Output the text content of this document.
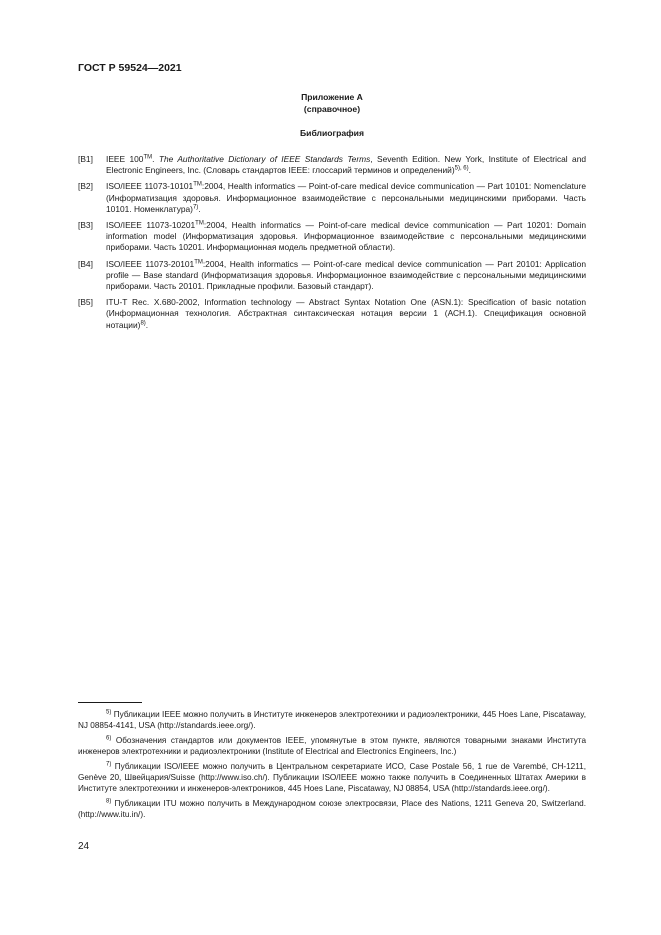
ГОСТ Р 59524—2021
Приложение А
(справочное)
Библиография
[B1]	IEEE 100™. The Authoritative Dictionary of IEEE Standards Terms, Seventh Edition. New York, Institute of Electrical and Electronic Engineers, Inc. (Словарь стандартов IEEE: глоссарий терминов и определений)$^{5), 6)}$.
[B2]	ISO/IEEE 11073-10101™:2004, Health informatics — Point-of-care medical device communication — Part 10101: Nomenclature (Информатизация здоровья. Информационное взаимодействие с персональными медицинскими приборами. Часть 10101. Номенклатура)$^{7)}$.
[B3]	ISO/IEEE 11073-10201™:2004, Health informatics — Point-of-care medical device communication — Part 10201: Domain information model (Информатизация здоровья. Информационное взаимодействие с персональными медицинскими приборами. Часть 10201. Информационная модель предметной области).
[B4]	ISO/IEEE 11073-20101™:2004, Health informatics — Point-of-care medical device communication — Part 20101: Application profile — Base standard (Информатизация здоровья. Информационное взаимодействие с персональными медицинскими приборами. Часть 20101. Прикладные профили. Базовый стандарт).
[B5]	ITU-T Rec. X.680-2002, Information technology — Abstract Syntax Notation One (ASN.1): Specification of basic notation (Информационная технология. Абстрактная синтаксическая нотация версии 1 (АСН.1). Спецификация основной нотации)$^{8)}$.
$^{5)}$ Публикации IEEE можно получить в Институте инженеров электротехники и радиоэлектроники, 445 Hoes Lane, Piscataway, NJ 08854-4141, USA (http://standards.ieee.org/).
$^{6)}$ Обозначения стандартов или документов IEEE, упомянутые в этом пункте, являются товарными знаками Института инженеров электротехники и радиоэлектроники (Institute of Electrical and Electronics Engineers, Inc.)
$^{7)}$ Публикации ISO/IEEE можно получить в Центральном секретариате ИСО, Case Postale 56, 1 rue de Varembé, CH-1211, Genève 20, Швейцария/Suisse (http://www.iso.ch/). Публикации ISO/IEEE можно также получить в Соединенных Штатах Америки в Институте электротехники и инженеров-электроников, 445 Hoes Lane, Piscataway, NJ 08854, USA (http://standards.ieee.org/).
$^{8)}$ Публикации ITU можно получить в Международном союзе электросвязи, Place des Nations, 1211 Geneva 20, Switzerland. (http://www.itu.in/).
24
